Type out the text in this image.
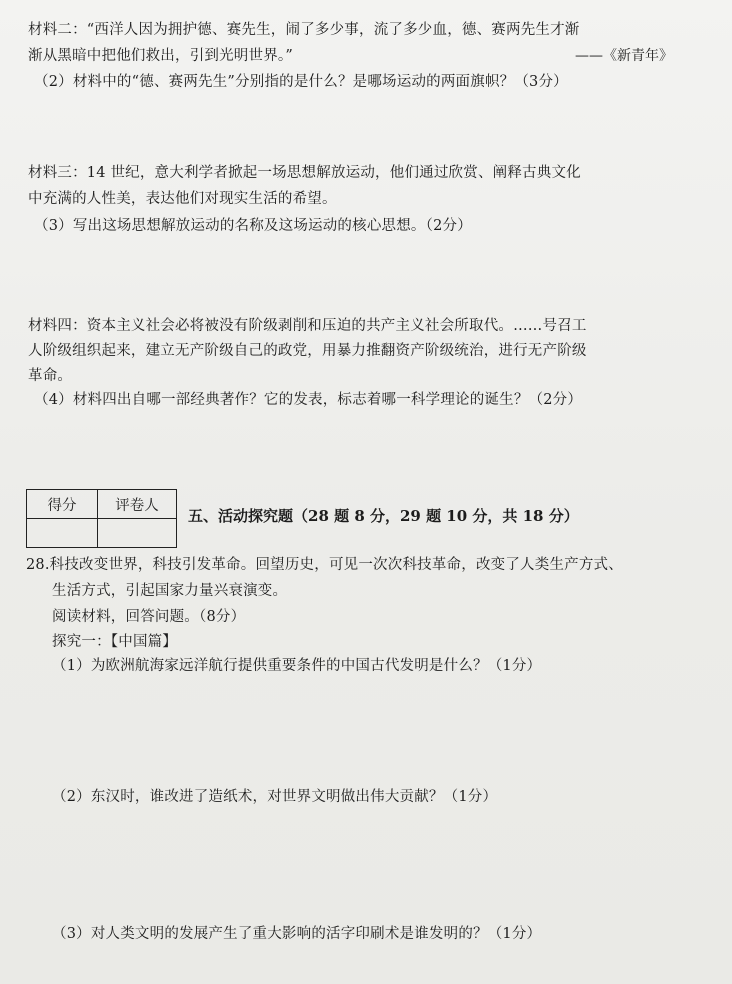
材料二：“西洋人因为拥护德、赛先生，闹了多少事，流了多少血，德、赛两先生才渐
渐从黑暗中把他们救出，引到光明世界。”	——《新青年》
（2）材料中的“德、赛两先生”分别指的是什么？是哪场运动的两面旗帜？（3分）
材料三：14 世纪，意大利学者掀起一场思想解放运动，他们通过欣赏、阐释古典文化
中充满的人性美，表达他们对现实生活的希望。
（3）写出这场思想解放运动的名称及这场运动的核心思想。（2分）
材料四：资本主义社会必将被没有阶级剥削和压迫的共产主义社会所取代。……号召工
人阶级组织起来，建立无产阶级自己的政党，用暴力推翻资产阶级统治，进行无产阶级
革命。
（4）材料四出自哪一部经典著作？它的发表，标志着哪一科学理论的诞生？（2分）
得分	评卷人

五、活动探究题（28 题 8 分，29 题 10 分，共 18 分）
28.科技改变世界，科技引发革命。回望历史，可见一次次科技革命，改变了人类生产方式、
生活方式，引起国家力量兴衰演变。
阅读材料，回答问题。（8分）
探究一：【中国篇】
（1）为欧洲航海家远洋航行提供重要条件的中国古代发明是什么？（1分）
（2）东汉时，谁改进了造纸术，对世界文明做出伟大贡献？（1分）
（3）对人类文明的发展产生了重大影响的活字印刷术是谁发明的？（1分）
